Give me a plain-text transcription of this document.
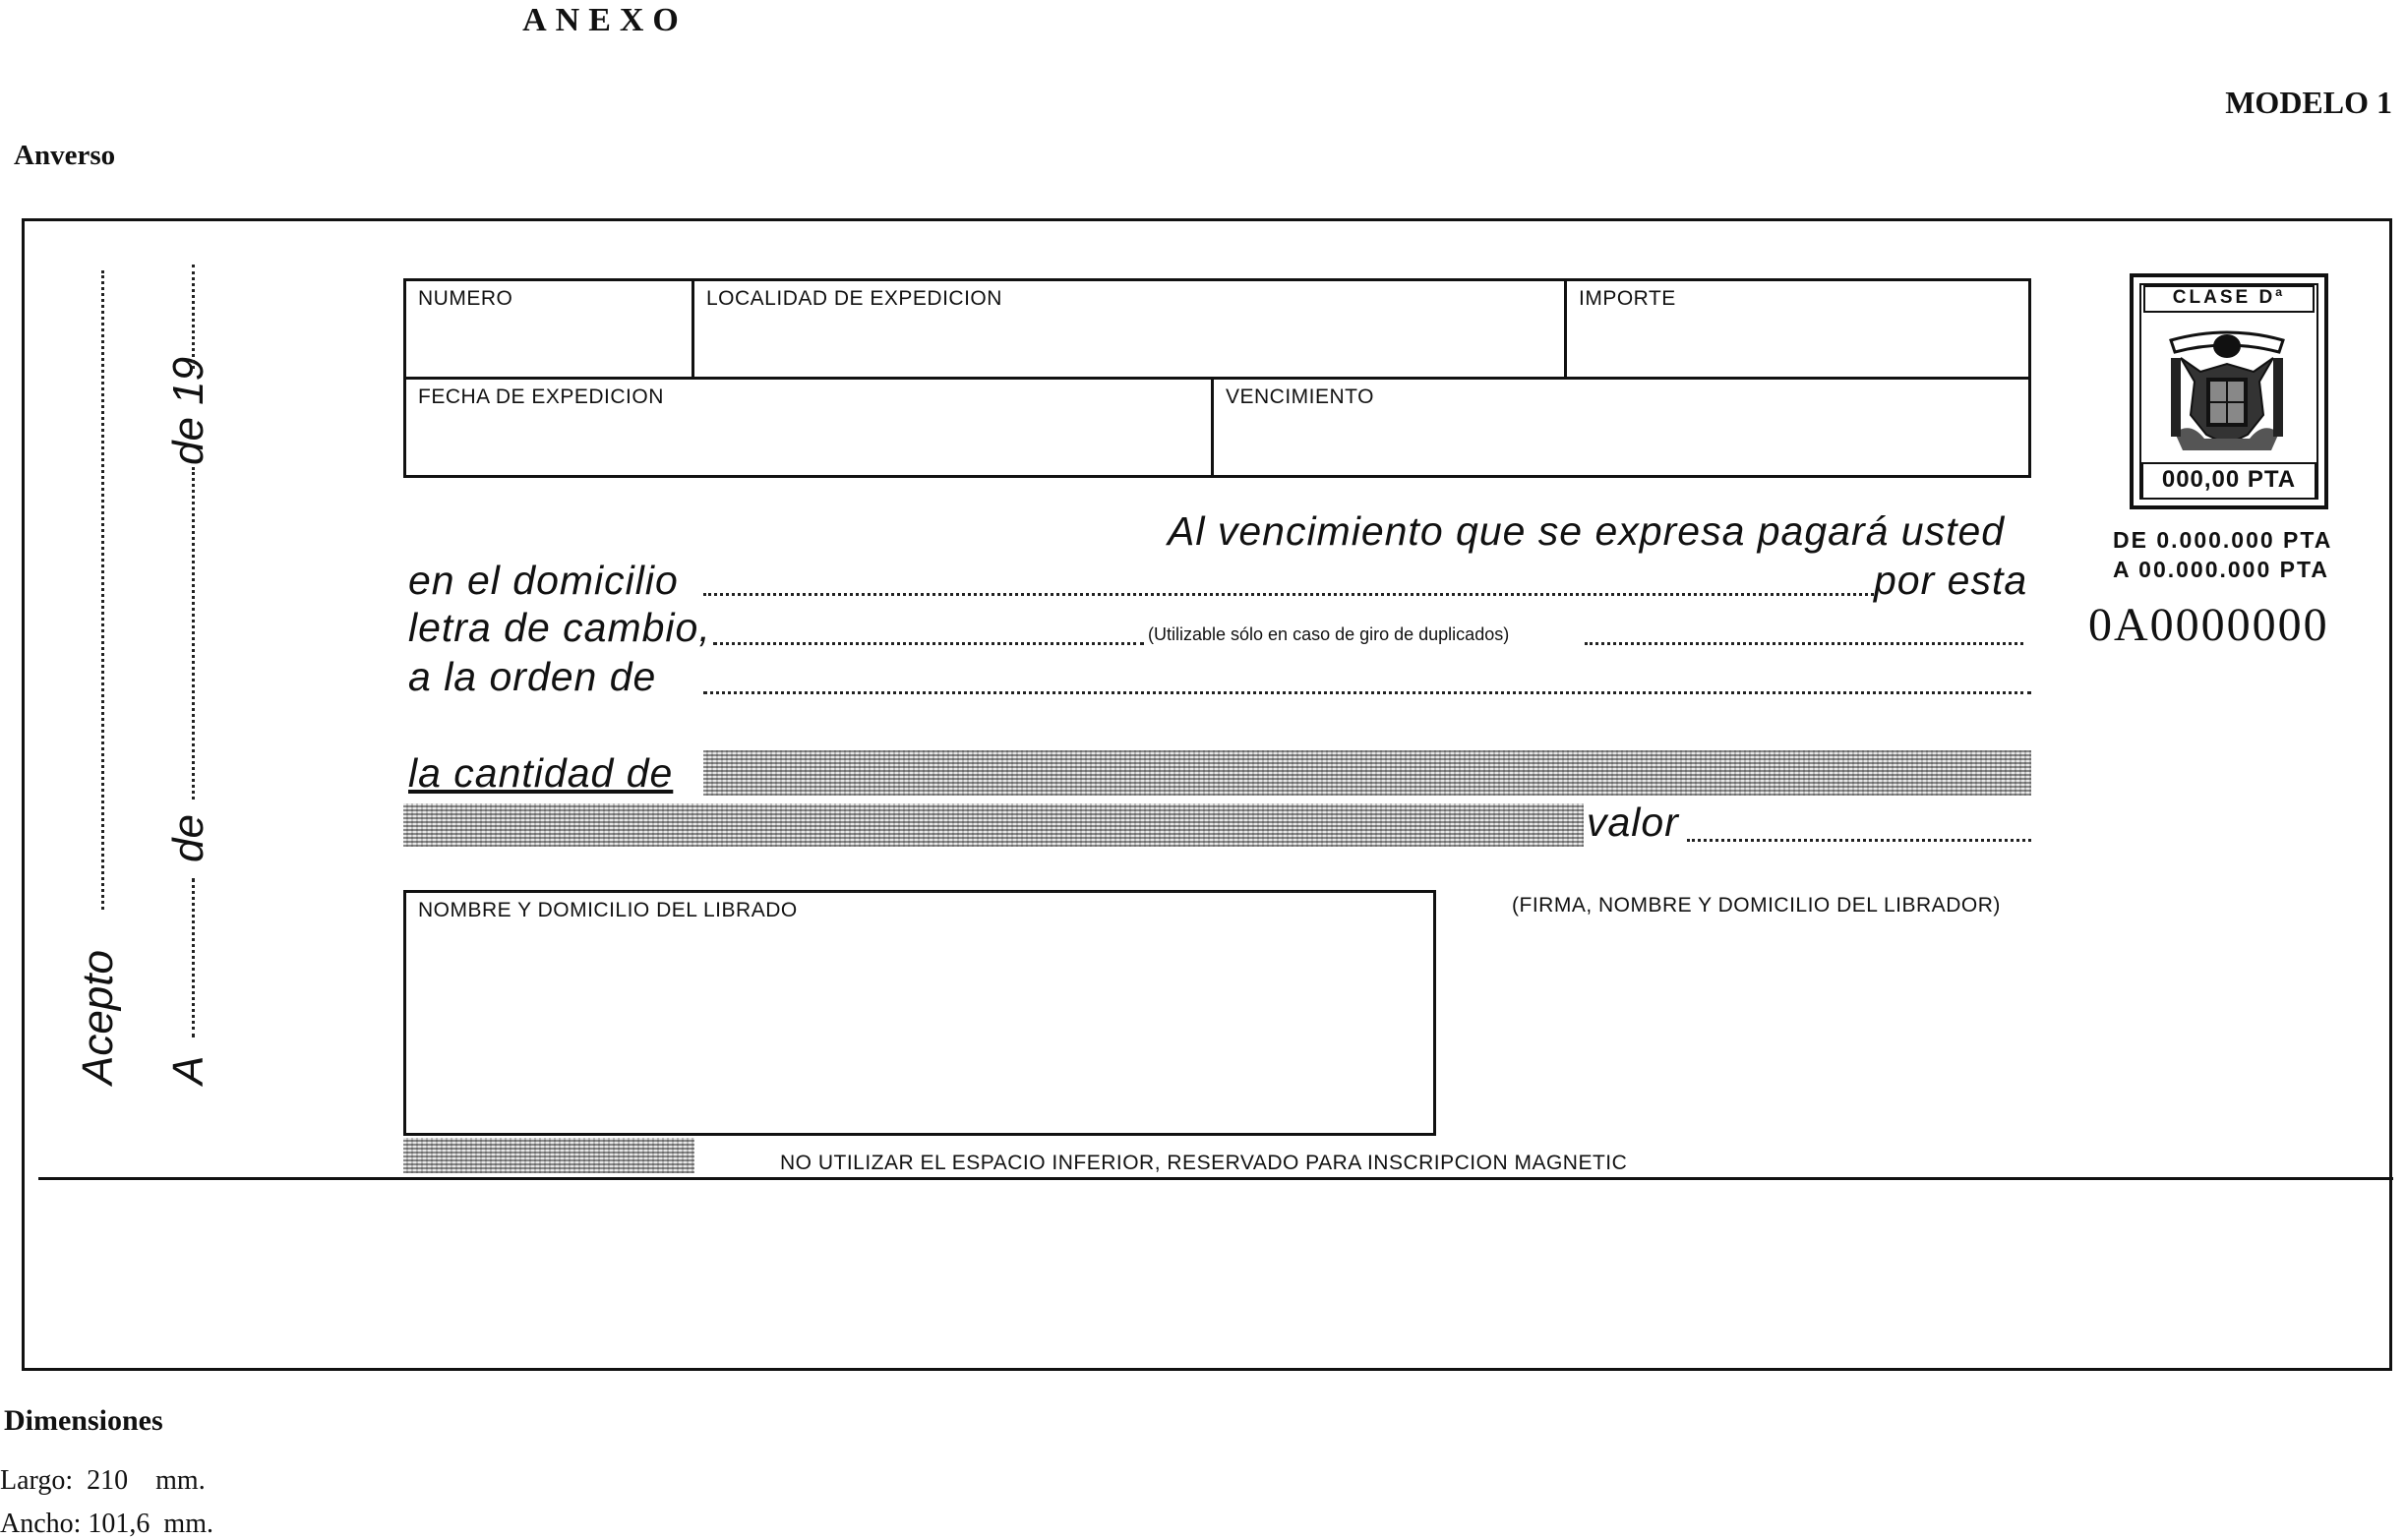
ANEXO
MODELO 1
Anverso
Acepto A
de
de 19
NUMERO	LOCALIDAD DE EXPEDICION	IMPORTE
FECHA DE EXPEDICION	VENCIMIENTO
Al vencimiento que se expresa pagará usted
en el domicilio	por esta
letra de cambio,	(Utilizable sólo en caso de giro de duplicados)
a la orden de
la cantidad de
valor
NOMBRE Y DOMICILIO DEL LIBRADO	(FIRMA, NOMBRE Y DOMICILIO DEL LIBRADOR)
NO UTILIZAR EL ESPACIO INFERIOR, RESERVADO PARA INSCRIPCION MAGNETIC
CLASE Dª
000,00 PTA
DE 0.000.000 PTA
A 00.000.000 PTA
0A0000000
Dimensiones
Largo:  210    mm.
Ancho: 101,6  mm.
